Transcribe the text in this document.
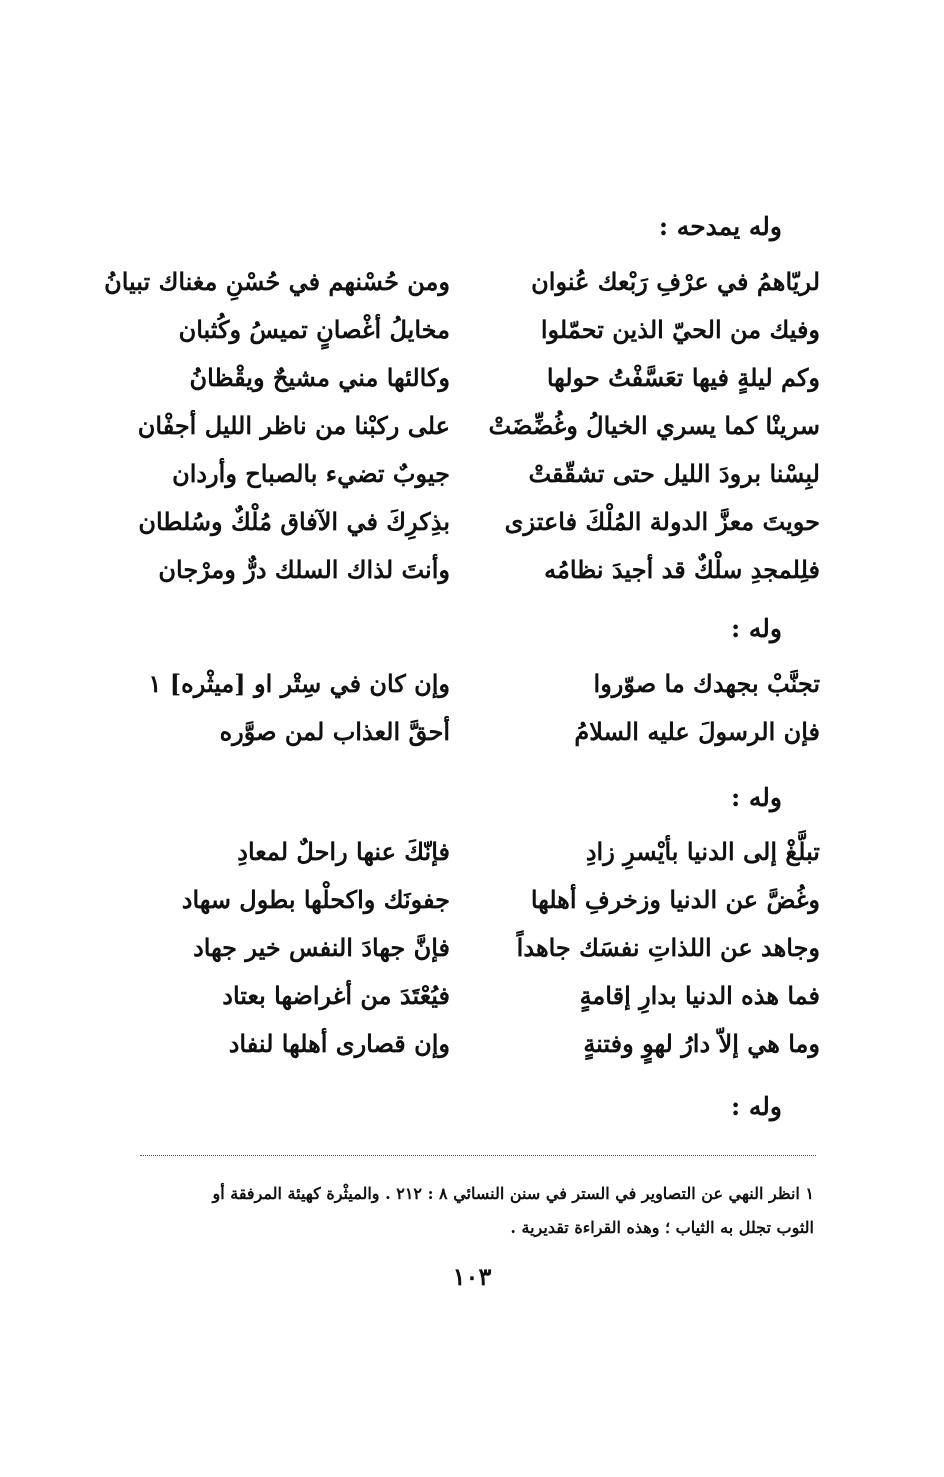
وله يمدحه :
لريّاهمُ في عرْفِ رَبْعك عُنوان
ومن حُسْنهم في حُسْنِ مغناك تبيانُ
وفيك من الحيّ الذين تحمّلوا
مخايلُ أغْصانٍ تميسُ وكُثبان
وكم ليلةٍ فيها تعَسَّفْتُ حولها
وكالئها مني مشيحٌ ويقْظانُ
سرينْا كما يسري الخيالُ وغُضِّضَتْ
على ركبْنا من ناظر الليل أجفْان
لبِسْنا برودَ الليل حتى تشقّقتْ
جيوبٌ تضيء بالصباح وأردان
حويتَ معزَّ الدولة المُلْكَ فاعتزى
بذِكرِكَ في الآفاق مُلْكٌ وسُلطان
فلِلمجدِ سلْكٌ قد أجيدَ نظامُه
وأنتَ لذاك السلك درٌّ ومرْجان
وله :
تجنَّبْ بجهدك ما صوّروا
وإن كان في سِتْر او [ميثْره] ١
فإن الرسولَ عليه السلامُ
أحقَّ العذاب لمن صوَّره
وله :
تبلَّغْ إلى الدنيا بأيْسرِ زادِ
فإنّكَ عنها راحلٌ لمعادِ
وغُضَّ عن الدنيا وزخرفِ أهلها
جفونَك واكحلْها بطول سهاد
وجاهد عن اللذاتِ نفسَك جاهداً
فإنَّ جهادَ النفس خير جهاد
فما هذه الدنيا بدارِ إقامةٍ
فيُعْتَدَ من أغراضها بعتاد
وما هي إلاّ دارُ لهوٍ وفتنةٍ
وإن قصارى أهلها لنفاد
وله :
١ انظر النهي عن التصاوير في الستر في سنن النسائي ٨ : ٢١٢ . والميثْرة كهيئة المرفقة أو
الثوب تجلل به الثياب ؛ وهذه القراءة تقديرية .
١٠٣
